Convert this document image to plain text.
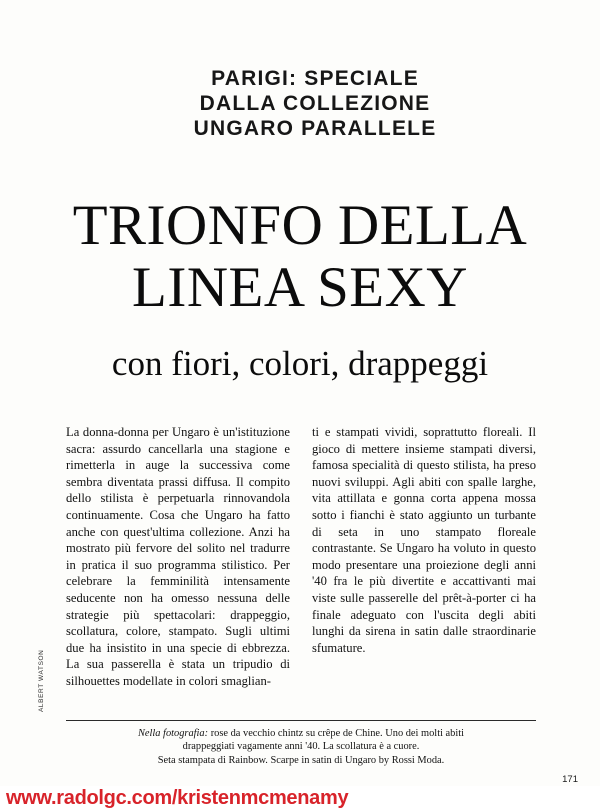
PARIGI: SPECIALE
DALLA COLLEZIONE
UNGARO PARALLELE
TRIONFO DELLA
LINEA SEXY
con fiori, colori, drappeggi

La donna-donna per Ungaro è un'istituzione sacra: assurdo cancellarla una stagione e rimetterla in auge la successiva come sembra diventata prassi diffusa. Il compito dello stilista è perpetuarla rinnovandola continuamente. Cosa che Ungaro ha fatto anche con quest'ultima collezione. Anzi ha mostrato più fervore del solito nel tradurre in pratica il suo programma stilistico. Per celebrare la femminilità intensamente seducente non ha omesso nessuna delle strategie più spettacolari: drappeggio, scollatura, colore, stampato. Sugli ultimi due ha insistito in una specie di ebbrezza. La sua passerella è stata un tripudio di silhouettes modellate in colori smaglian-

ti e stampati vividi, soprattutto floreali. Il gioco di mettere insieme stampati diversi, famosa specialità di questo stilista, ha preso nuovi sviluppi. Agli abiti con spalle larghe, vita attillata e gonna corta appena mossa sotto i fianchi è stato aggiunto un turbante di seta in uno stampato floreale contrastante. Se Ungaro ha voluto in questo modo presentare una proiezione degli anni '40 fra le più divertite e accattivanti mai viste sulle passerelle del prêt-à-porter ci ha finale adeguato con l'uscita degli abiti lunghi da sirena in satin dalle straordinarie sfumature.

Nella fotografia: rose da vecchio chintz su crêpe de Chine. Uno dei molti abiti
drappeggiati vagamente anni '40. La scollatura è a cuore.
Seta stampata di Rainbow. Scarpe in satin di Ungaro by Rossi Moda.
ALBERT WATSON
171
www.radolgc.com/kristenmcmenamy
